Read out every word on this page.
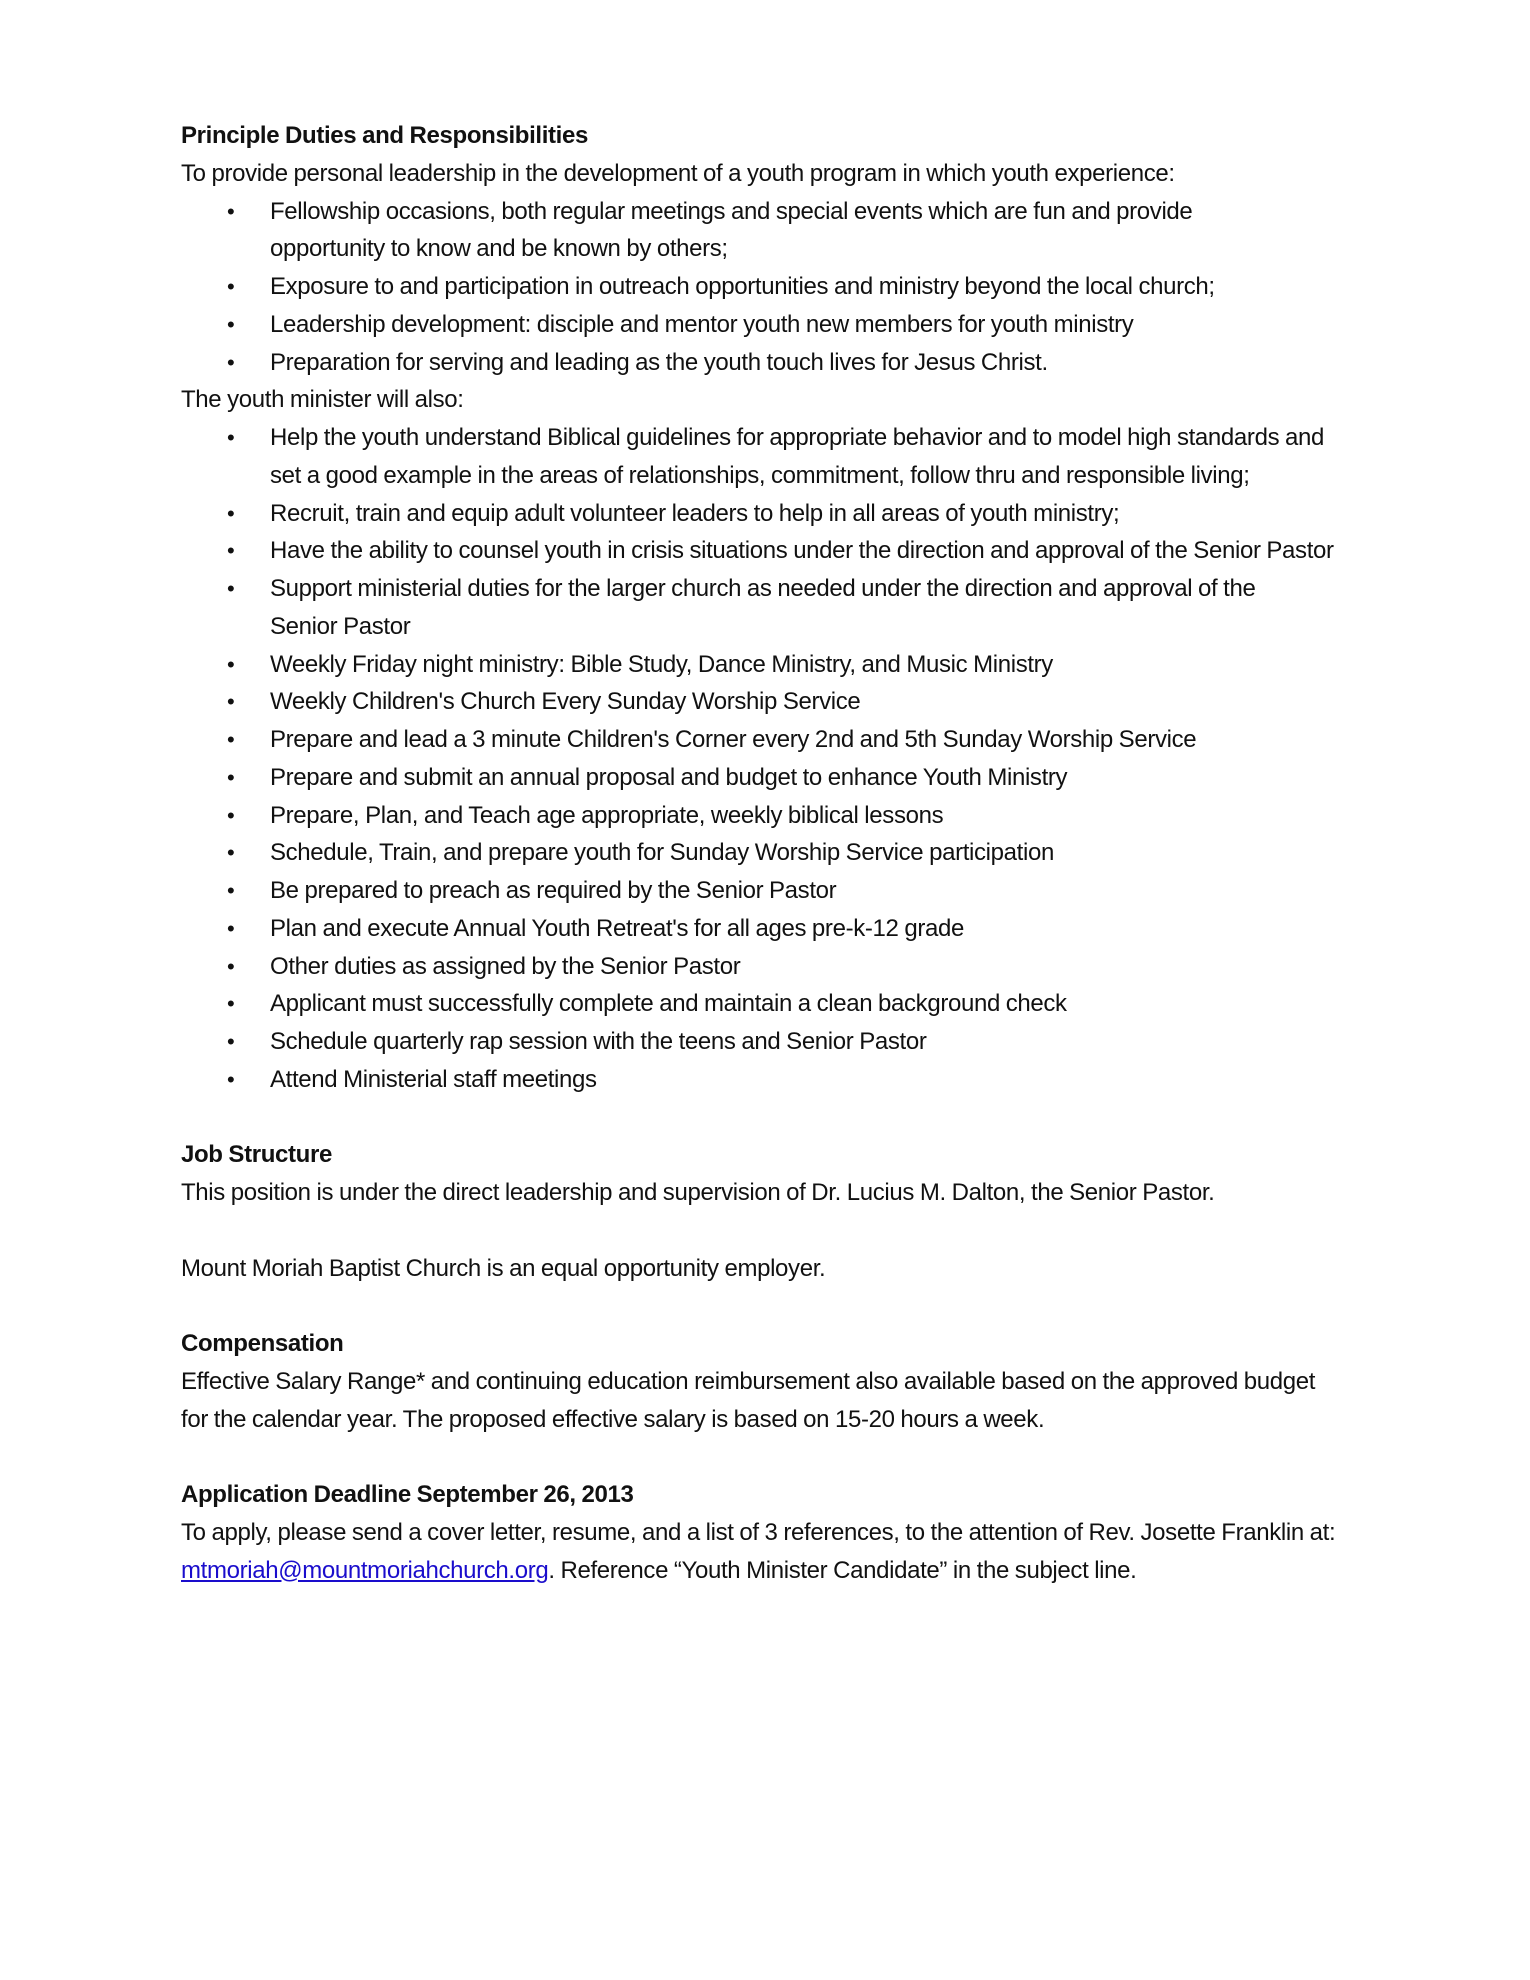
Principle Duties and Responsibilities

To provide personal leadership in the development of a youth program in which youth experience:

• Fellowship occasions, both regular meetings and special events which are fun and provide opportunity to know and be known by others;
• Exposure to and participation in outreach opportunities and ministry beyond the local church;
• Leadership development: disciple and mentor youth new members for youth ministry
• Preparation for serving and leading as the youth touch lives for Jesus Christ.

The youth minister will also:

• Help the youth understand Biblical guidelines for appropriate behavior and to model high standards and set a good example in the areas of relationships, commitment, follow thru and responsible living;
• Recruit, train and equip adult volunteer leaders to help in all areas of youth ministry;
• Have the ability to counsel youth in crisis situations under the direction and approval of the Senior Pastor
• Support ministerial duties for the larger church as needed under the direction and approval of the Senior Pastor
• Weekly Friday night ministry: Bible Study, Dance Ministry, and Music Ministry
• Weekly Children's Church Every Sunday Worship Service
• Prepare and lead a 3 minute Children's Corner every 2nd and 5th Sunday Worship Service
• Prepare and submit an annual proposal and budget to enhance Youth Ministry
• Prepare, Plan, and Teach age appropriate, weekly biblical lessons
• Schedule, Train, and prepare youth for Sunday Worship Service participation
• Be prepared to preach as required by the Senior Pastor
• Plan and execute Annual Youth Retreat's for all ages pre-k-12 grade
• Other duties as assigned by the Senior Pastor
• Applicant must successfully complete and maintain a clean background check
• Schedule quarterly rap session with the teens and Senior Pastor
• Attend Ministerial staff meetings

Job Structure

This position is under the direct leadership and supervision of Dr. Lucius M. Dalton, the Senior Pastor.

Mount Moriah Baptist Church is an equal opportunity employer.

Compensation

Effective Salary Range* and continuing education reimbursement also available based on the approved budget for the calendar year. The proposed effective salary is based on 15-20 hours a week.

Application Deadline September 26, 2013

To apply, please send a cover letter, resume, and a list of 3 references, to the attention of Rev. Josette Franklin at: mtmoriah@mountmoriahchurch.org. Reference “Youth Minister Candidate” in the subject line.
